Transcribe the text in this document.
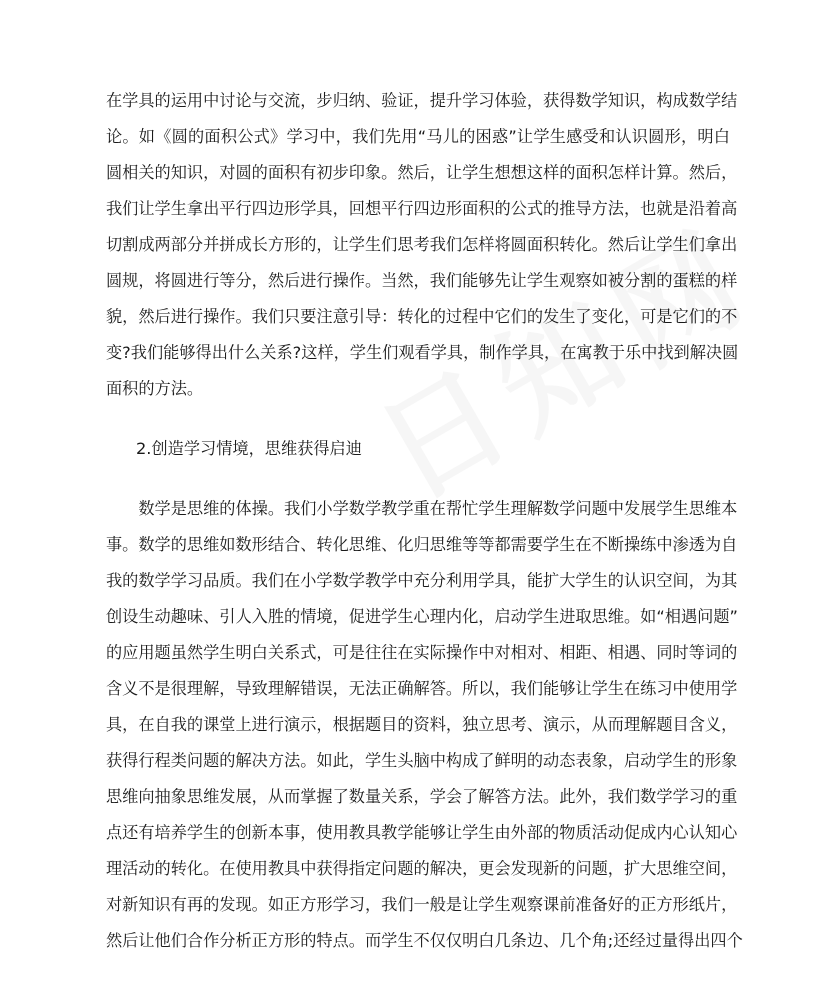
在学具的运用中讨论与交流，步归纳、验证，提升学习体验，获得数学知识，构成数学结
论。如《圆的面积公式》学习中，我们先用“马儿的困惑”让学生感受和认识圆形，明白
圆相关的知识，对圆的面积有初步印象。然后，让学生想想这样的面积怎样计算。然后，
我们让学生拿出平行四边形学具，回想平行四边形面积的公式的推导方法，也就是沿着高
切割成两部分并拼成长方形的，让学生们思考我们怎样将圆面积转化。然后让学生们拿出
圆规，将圆进行等分，然后进行操作。当然，我们能够先让学生观察如被分割的蛋糕的样
貌，然后进行操作。我们只要注意引导：转化的过程中它们的发生了变化，可是它们的不
变?我们能够得出什么关系?这样，学生们观看学具，制作学具，在寓教于乐中找到解决圆
面积的方法。
2.创造学习情境，思维获得启迪
　　数学是思维的体操。我们小学数学教学重在帮忙学生理解数学问题中发展学生思维本
事。数学的思维如数形结合、转化思维、化归思维等等都需要学生在不断操练中渗透为自
我的数学学习品质。我们在小学数学教学中充分利用学具，能扩大学生的认识空间，为其
创设生动趣味、引人入胜的情境，促进学生心理内化，启动学生进取思维。如“相遇问题”
的应用题虽然学生明白关系式，可是往往在实际操作中对相对、相距、相遇、同时等词的
含义不是很理解，导致理解错误，无法正确解答。所以，我们能够让学生在练习中使用学
具，在自我的课堂上进行演示，根据题目的资料，独立思考、演示，从而理解题目含义，
获得行程类问题的解决方法。如此，学生头脑中构成了鲜明的动态表象，启动学生的形象
思维向抽象思维发展，从而掌握了数量关系，学会了解答方法。此外，我们数学学习的重
点还有培养学生的创新本事，使用教具教学能够让学生由外部的物质活动促成内心认知心
理活动的转化。在使用教具中获得指定问题的解决，更会发现新的问题，扩大思维空间，
对新知识有再的发现。如正方形学习，我们一般是让学生观察课前准备好的正方形纸片，
然后让他们合作分析正方形的特点。而学生不仅仅明白几条边、几个角;还经过量得出四个
